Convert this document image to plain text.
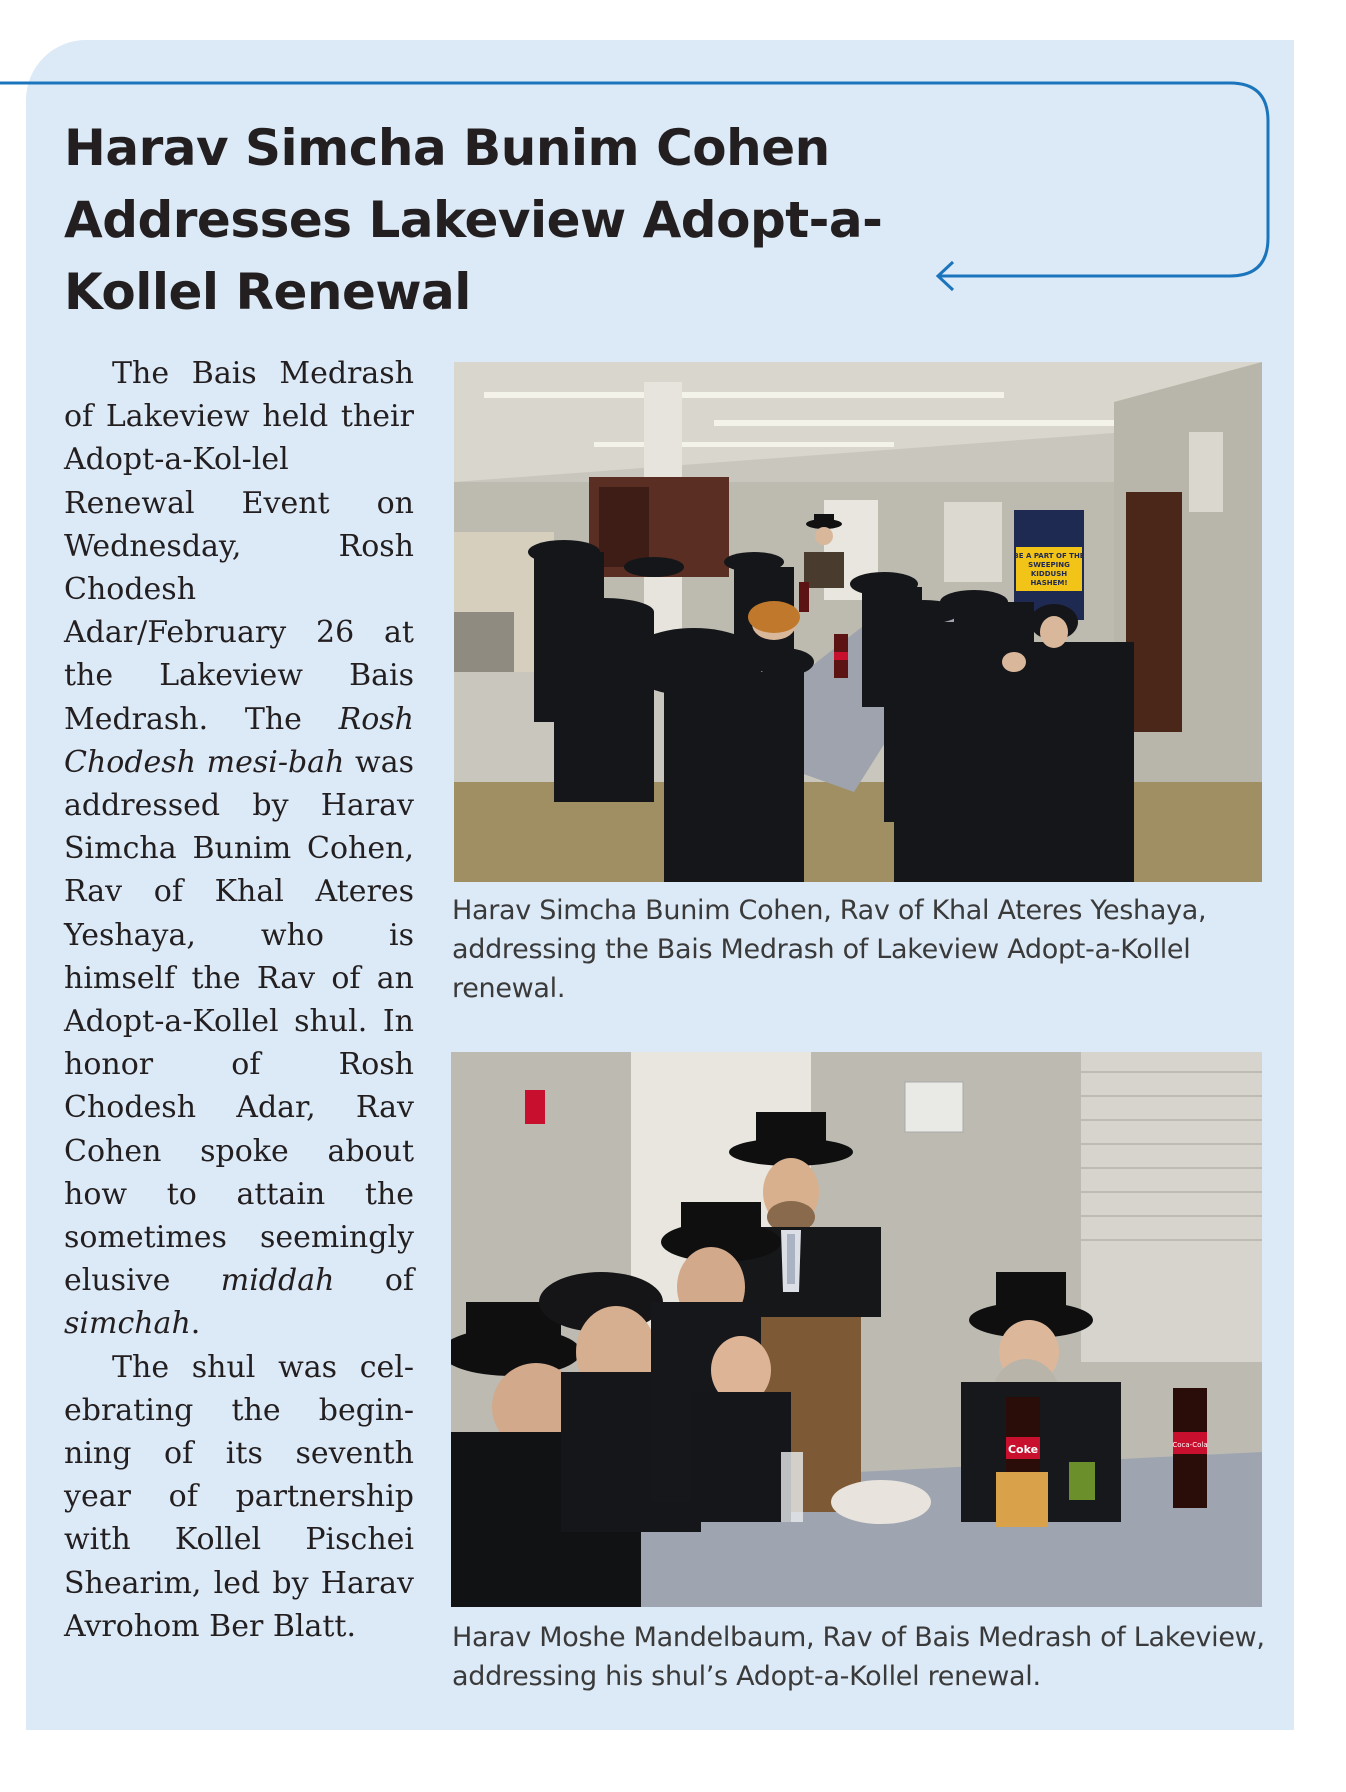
Harav Simcha Bunim Cohen Addresses Lakeview Adopt-a-Kollel Renewal

The Bais Medrash of Lakeview held their Adopt-a-Kol-lel Renewal Event on Wednesday, Rosh Chodesh Adar/February 26 at the Lakeview Bais Medrash. The Rosh Chodesh mesi-bah was addressed by Harav Simcha Bunim Cohen, Rav of Khal Ateres Yeshaya, who is himself the Rav of an Adopt-a-Kollel shul. In honor of Rosh Chodesh Adar, Rav Cohen spoke about how to attain the sometimes seemingly elusive middah of simchah.

The shul was cel-ebrating the begin-ning of its seventh year of partnership with Kollel Pischei Shearim, led by Harav Avrohom Ber Blatt.

BE A PART OF THE SWEEPING KIDDUSH HASHEM!

Harav Simcha Bunim Cohen, Rav of Khal Ateres Yeshaya, addressing the Bais Medrash of Lakeview Adopt-a-Kollel renewal.

Coke	Coca-Cola

Harav Moshe Mandelbaum, Rav of Bais Medrash of Lakeview, addressing his shul’s Adopt-a-Kollel renewal.
